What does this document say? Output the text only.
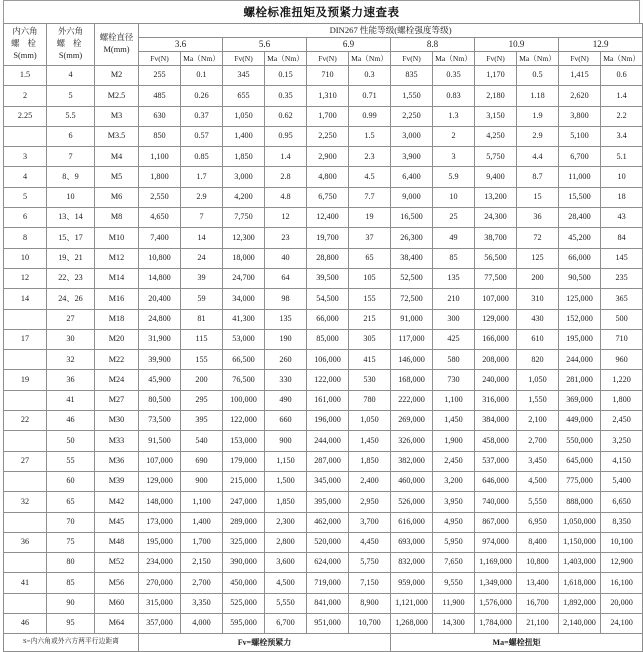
螺栓标准扭矩及预紧力速查表
内六角
螺 栓
S(mm)	外六角
螺 栓
S(mm)	螺栓直径
M(mm)	DIN267 性能等级(螺栓强度等级)											
			3.6		5.6		6.9		8.8		10.9		12.9	
			Fv(N)	Ma（Nm）	Fv(N)	Ma（Nm）	Fv(N)	Ma（Nm）	Fv(N)	Ma（Nm）	Fv(N)	Ma（Nm）	Fv(N)	Ma（Nm）
1.5	4	M2	255	0.1	345	0.15	710	0.3	835	0.35	1,170	0.5	1,415	0.6
2	5	M2.5	485	0.26	655	0.35	1,310	0.71	1,550	0.83	2,180	1.18	2,620	1.4
2.25	5.5	M3	630	0.37	1,050	0.62	1,700	0.99	2,250	1.3	3,150	1.9	3,800	2.2
	6	M3.5	850	0.57	1,400	0.95	2,250	1.5	3,000	2	4,250	2.9	5,100	3.4
3	7	M4	1,100	0.85	1,850	1.4	2,900	2.3	3,900	3	5,750	4.4	6,700	5.1
4	8、9	M5	1,800	1.7	3,000	2.8	4,800	4.5	6,400	5.9	9,400	8.7	11,000	10
5	10	M6	2,550	2.9	4,200	4.8	6,750	7.7	9,000	10	13,200	15	15,500	18
6	13、14	M8	4,650	7	7,750	12	12,400	19	16,500	25	24,300	36	28,400	43
8	15、17	M10	7,400	14	12,300	23	19,700	37	26,300	49	38,700	72	45,200	84
10	19、21	M12	10,800	24	18,000	40	28,800	65	38,400	85	56,500	125	66,000	145
12	22、23	M14	14,800	39	24,700	64	39,500	105	52,500	135	77,500	200	90,500	235
14	24、26	M16	20,400	59	34,000	98	54,500	155	72,500	210	107,000	310	125,000	365
	27	M18	24,800	81	41,300	135	66,000	215	91,000	300	129,000	430	152,000	500
17	30	M20	31,900	115	53,000	190	85,000	305	117,000	425	166,000	610	195,000	710
	32	M22	39,900	155	66,500	260	106,000	415	146,000	580	208,000	820	244,000	960
19	36	M24	45,900	200	76,500	330	122,000	530	168,000	730	240,000	1,050	281,000	1,220
	41	M27	80,500	295	100,000	490	161,000	780	222,000	1,100	316,000	1,550	369,000	1,800
22	46	M30	73,500	395	122,000	660	196,000	1,050	269,000	1,450	384,000	2,100	449,000	2,450
	50	M33	91,500	540	153,000	900	244,000	1,450	326,000	1,900	458,000	2,700	550,000	3,250
27	55	M36	107,000	690	179,000	1,150	287,000	1,850	382,000	2,450	537,000	3,450	645,000	4,150
	60	M39	129,000	900	215,000	1,500	345,000	2,400	460,000	3,200	646,000	4,500	775,000	5,400
32	65	M42	148,000	1,100	247,000	1,850	395,000	2,950	526,000	3,950	740,000	5,550	888,000	6,650
	70	M45	173,000	1,400	289,000	2,300	462,000	3,700	616,000	4,950	867,000	6,950	1,050,000	8,350
36	75	M48	195,000	1,700	325,000	2,800	520,000	4,450	693,000	5,950	974,000	8,400	1,150,000	10,100
	80	M52	234,000	2,150	390,000	3,600	624,000	5,750	832,000	7,650	1,169,000	10,800	1,403,000	12,900
41	85	M56	270,000	2,700	450,000	4,500	719,000	7,150	959,000	9,550	1,349,000	13,400	1,618,000	16,100
	90	M60	315,000	3,350	525,000	5,550	841,000	8,900	1,121,000	11,900	1,576,000	16,700	1,892,000	20,000
46	95	M64	357,000	4,000	595,000	6,700	951,000	10,700	1,268,000	14,300	1,784,000	21,100	2,140,000	24,100
S=内六角或外六方两平行边距离			Fv=螺栓预紧力						Ma=螺栓扭矩					
